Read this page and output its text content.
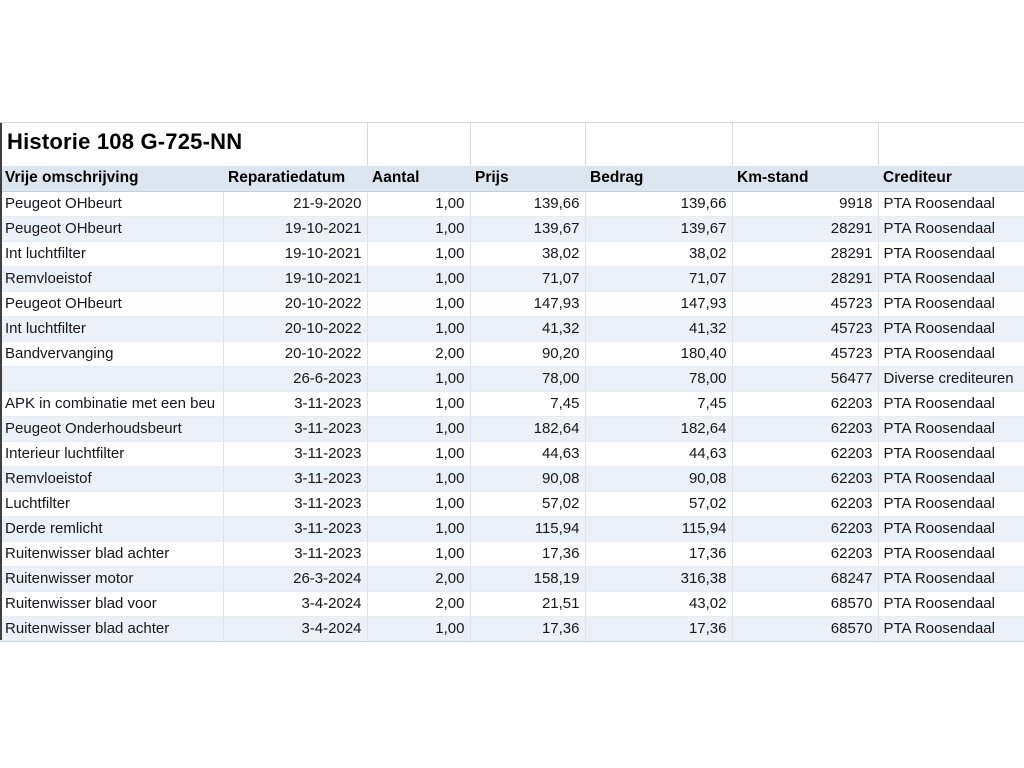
Historie 108 G-725-NN
Vrije omschrijving	Reparatiedatum	Aantal	Prijs	Bedrag	Km-stand	Crediteur
Peugeot OHbeurt	21-9-2020	1,00	139,66	139,66	9918	PTA Roosendaal
Peugeot OHbeurt	19-10-2021	1,00	139,67	139,67	28291	PTA Roosendaal
Int luchtfilter	19-10-2021	1,00	38,02	38,02	28291	PTA Roosendaal
Remvloeistof	19-10-2021	1,00	71,07	71,07	28291	PTA Roosendaal
Peugeot OHbeurt	20-10-2022	1,00	147,93	147,93	45723	PTA Roosendaal
Int luchtfilter	20-10-2022	1,00	41,32	41,32	45723	PTA Roosendaal
Bandvervanging	20-10-2022	2,00	90,20	180,40	45723	PTA Roosendaal
	26-6-2023	1,00	78,00	78,00	56477	Diverse crediteuren
APK in combinatie met een beu	3-11-2023	1,00	7,45	7,45	62203	PTA Roosendaal
Peugeot Onderhoudsbeurt	3-11-2023	1,00	182,64	182,64	62203	PTA Roosendaal
Interieur luchtfilter	3-11-2023	1,00	44,63	44,63	62203	PTA Roosendaal
Remvloeistof	3-11-2023	1,00	90,08	90,08	62203	PTA Roosendaal
Luchtfilter	3-11-2023	1,00	57,02	57,02	62203	PTA Roosendaal
Derde remlicht	3-11-2023	1,00	115,94	115,94	62203	PTA Roosendaal
Ruitenwisser blad achter	3-11-2023	1,00	17,36	17,36	62203	PTA Roosendaal
Ruitenwisser motor	26-3-2024	2,00	158,19	316,38	68247	PTA Roosendaal
Ruitenwisser blad voor	3-4-2024	2,00	21,51	43,02	68570	PTA Roosendaal
Ruitenwisser blad achter	3-4-2024	1,00	17,36	17,36	68570	PTA Roosendaal
